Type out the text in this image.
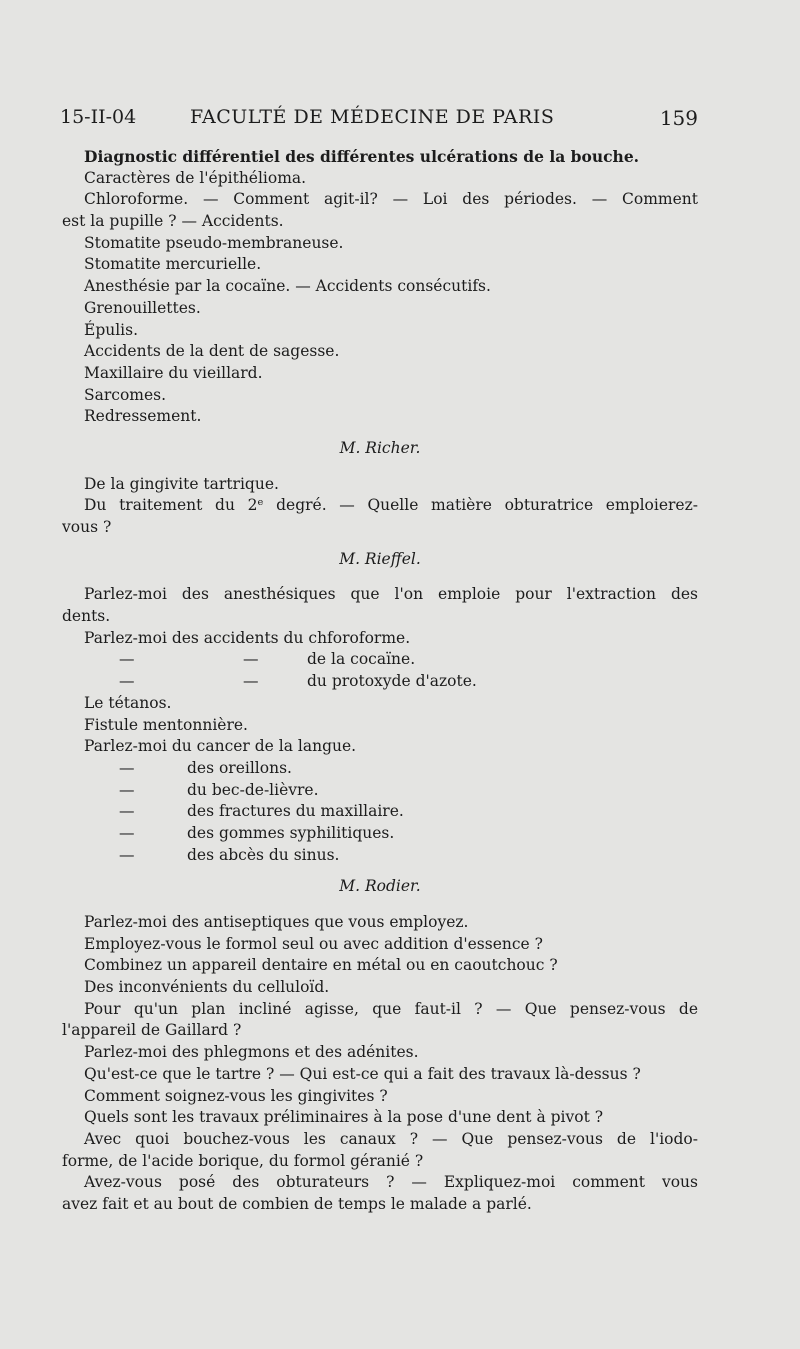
15-II-04	FACULTÉ DE MÉDECINE DE PARIS	159
Diagnostic différentiel des différentes ulcérations de la bouche.
Caractères de l'épithélioma.
Chloroforme. — Comment agit-il? — Loi des périodes. — Comment
est la pupille ? — Accidents.
Stomatite pseudo-membraneuse.
Stomatite mercurielle.
Anesthésie par la cocaïne. — Accidents consécutifs.
Grenouillettes.
Épulis.
Accidents de la dent de sagesse.
Maxillaire du vieillard.
Sarcomes.
Redressement.
M. Richer.
De la gingivite tartrique.
Du traitement du 2ᵉ degré. — Quelle matière obturatrice emploierez-
vous ?
M. Rieffel.
Parlez-moi des anesthésiques que l'on emploie pour l'extraction des
dents.
Parlez-moi des accidents du chforoforme.
—	—	de la cocaïne.
—	—	du protoxyde d'azote.
Le tétanos.
Fistule mentonnière.
Parlez-moi du cancer de la langue.
—	des oreillons.
—	du bec-de-lièvre.
—	des fractures du maxillaire.
—	des gommes syphilitiques.
—	des abcès du sinus.
M. Rodier.
Parlez-moi des antiseptiques que vous employez.
Employez-vous le formol seul ou avec addition d'essence ?
Combinez un appareil dentaire en métal ou en caoutchouc ?
Des inconvénients du celluloïd.
Pour qu'un plan incliné agisse, que faut-il ? — Que pensez-vous de
l'appareil de Gaillard ?
Parlez-moi des phlegmons et des adénites.
Qu'est-ce que le tartre ? — Qui est-ce qui a fait des travaux là-dessus ?
Comment soignez-vous les gingivites ?
Quels sont les travaux préliminaires à la pose d'une dent à pivot ?
Avec quoi bouchez-vous les canaux ? — Que pensez-vous de l'iodo-
forme, de l'acide borique, du formol géranié ?
Avez-vous posé des obturateurs ? — Expliquez-moi comment vous
avez fait et au bout de combien de temps le malade a parlé.
